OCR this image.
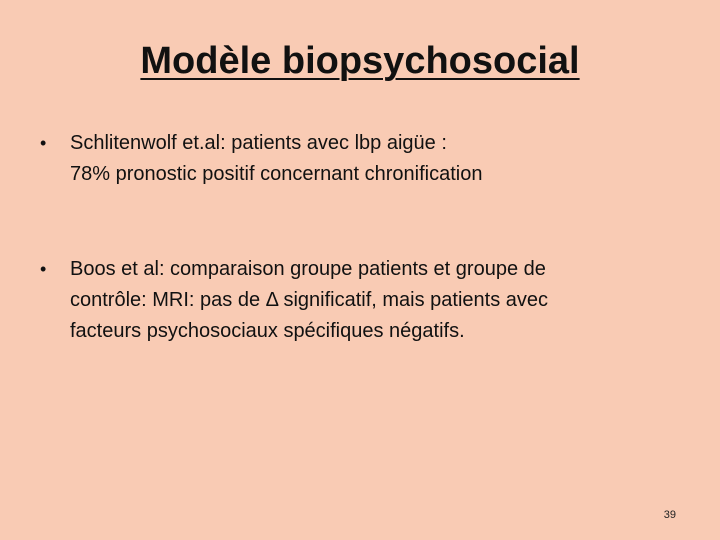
Modèle biopsychosocial
• Schlitenwolf et.al: patients avec lbp aigüe :
78% pronostic positif concernant chronification
• Boos et al: comparaison groupe patients et groupe de
contrôle: MRI: pas de Δ significatif, mais patients avec
facteurs psychosociaux spécifiques négatifs.
39
